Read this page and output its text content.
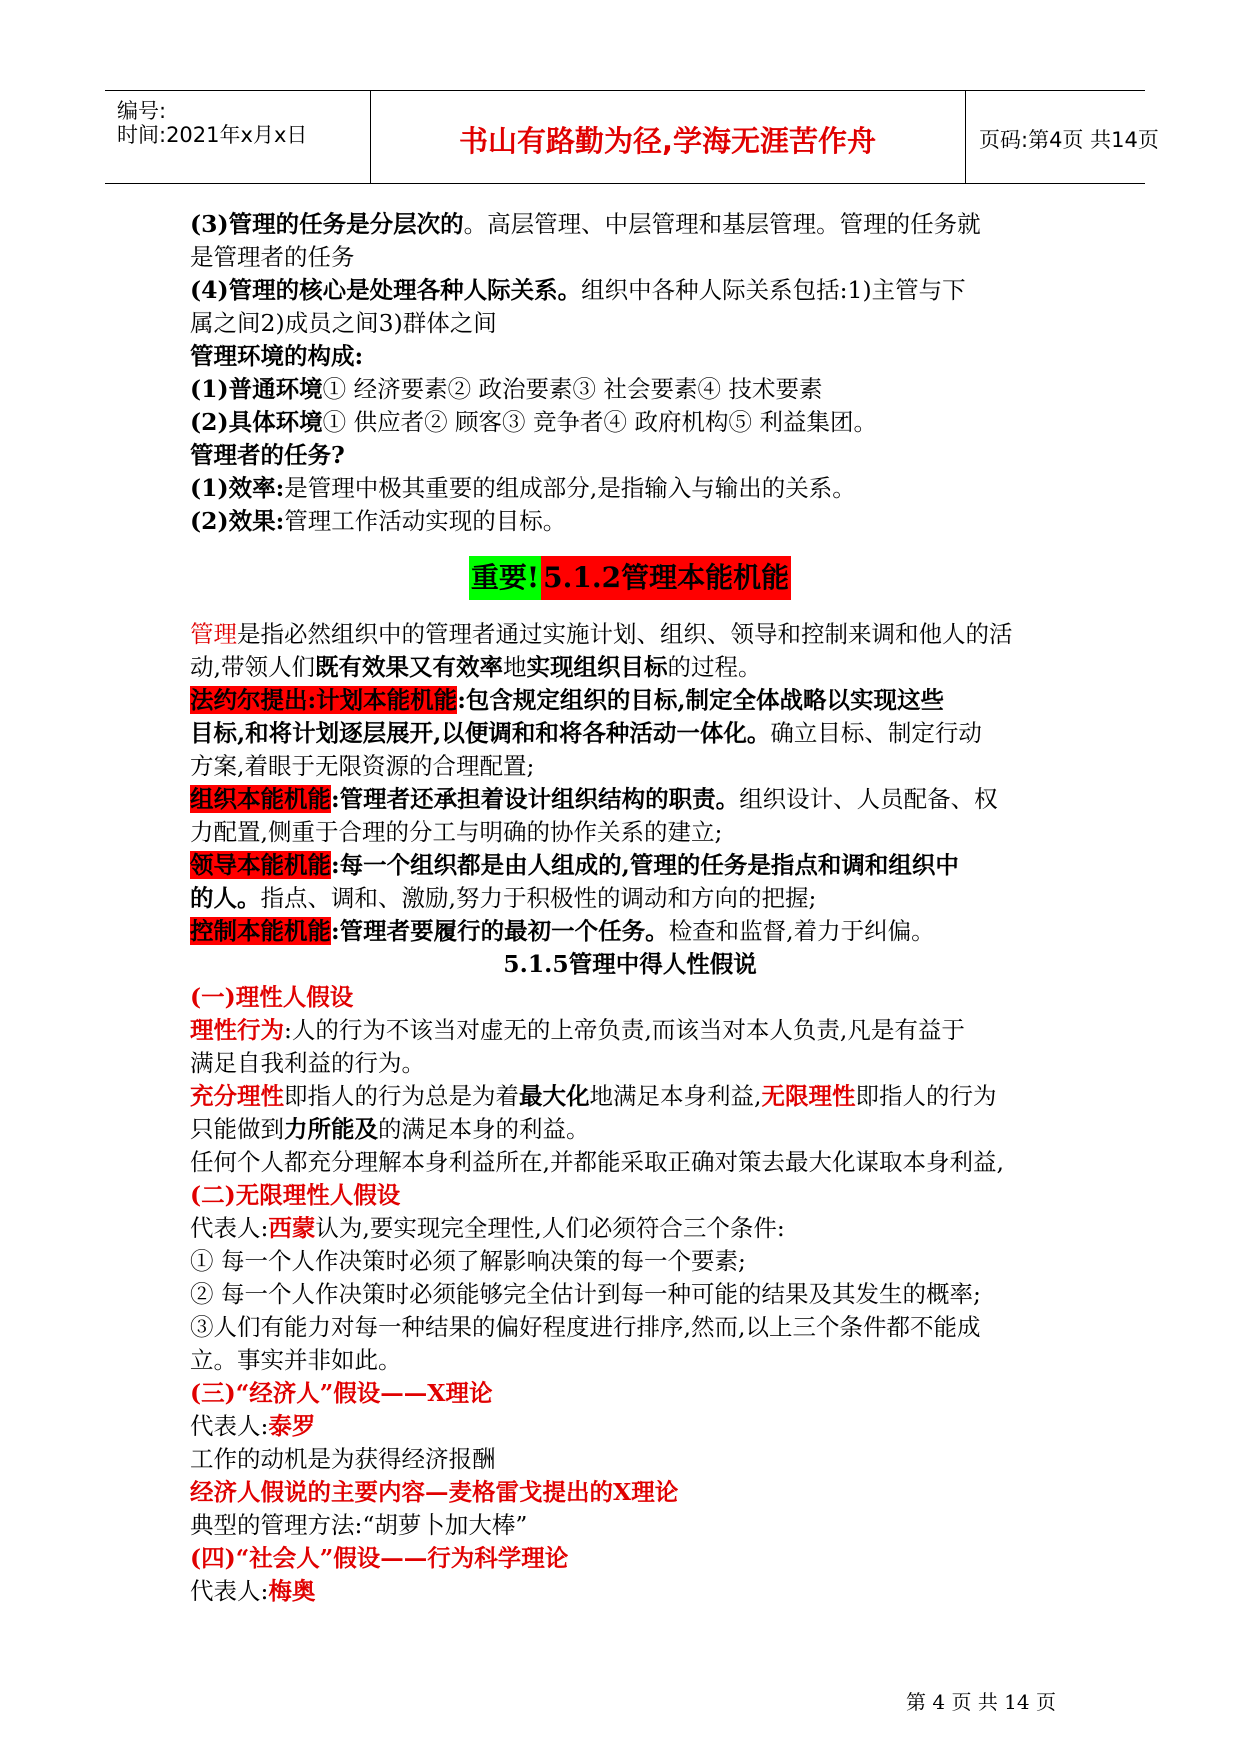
编号:
时间:2021年x月x日	书山有路勤为径,学海无涯苦作舟	页码:第4页 共14页
(3)管理的任务是分层次的。高层管理、中层管理和基层管理。管理的任务就
是管理者的任务
(4)管理的核心是处理各种人际关系。组织中各种人际关系包括:1)主管与下
属之间2)成员之间3)群体之间
管理环境的构成:
(1)普通环境① 经济要素② 政治要素③ 社会要素④ 技术要素
(2)具体环境① 供应者② 顾客③ 竞争者④ 政府机构⑤ 利益集团。
管理者的任务?
(1)效率:是管理中极其重要的组成部分,是指输入与输出的关系。
(2)效果:管理工作活动实现的目标。
重要! 5.1.2管理本能机能
管理是指必然组织中的管理者通过实施计划、组织、领导和控制来调和他人的活
动,带领人们既有效果又有效率地实现组织目标的过程。
法约尔提出:计划本能机能:包含规定组织的目标,制定全体战略以实现这些
目标,和将计划逐层展开,以便调和和将各种活动一体化。确立目标、制定行动
方案,着眼于无限资源的合理配置;
组织本能机能:管理者还承担着设计组织结构的职责。组织设计、人员配备、权
力配置,侧重于合理的分工与明确的协作关系的建立;
领导本能机能:每一个组织都是由人组成的,管理的任务是指点和调和组织中
的人。指点、调和、激励,努力于积极性的调动和方向的把握;
控制本能机能:管理者要履行的最初一个任务。检查和监督,着力于纠偏。
5.1.5管理中得人性假说
(一)理性人假设
理性行为:人的行为不该当对虚无的上帝负责,而该当对本人负责,凡是有益于
满足自我利益的行为。
充分理性即指人的行为总是为着最大化地满足本身利益,无限理性即指人的行为
只能做到力所能及的满足本身的利益。
任何个人都充分理解本身利益所在,并都能采取正确对策去最大化谋取本身利益,
(二)无限理性人假设
代表人:西蒙认为,要实现完全理性,人们必须符合三个条件:
① 每一个人作决策时必须了解影响决策的每一个要素;
② 每一个人作决策时必须能够完全估计到每一种可能的结果及其发生的概率;
③人们有能力对每一种结果的偏好程度进行排序,然而,以上三个条件都不能成
立。事实并非如此。
(三)“经济人”假设——X理论
代表人:泰罗
工作的动机是为获得经济报酬
经济人假说的主要内容—麦格雷戈提出的X理论
典型的管理方法:“胡萝卜加大棒”
(四)“社会人”假设——行为科学理论
代表人:梅奥
第 4 页 共 14 页
